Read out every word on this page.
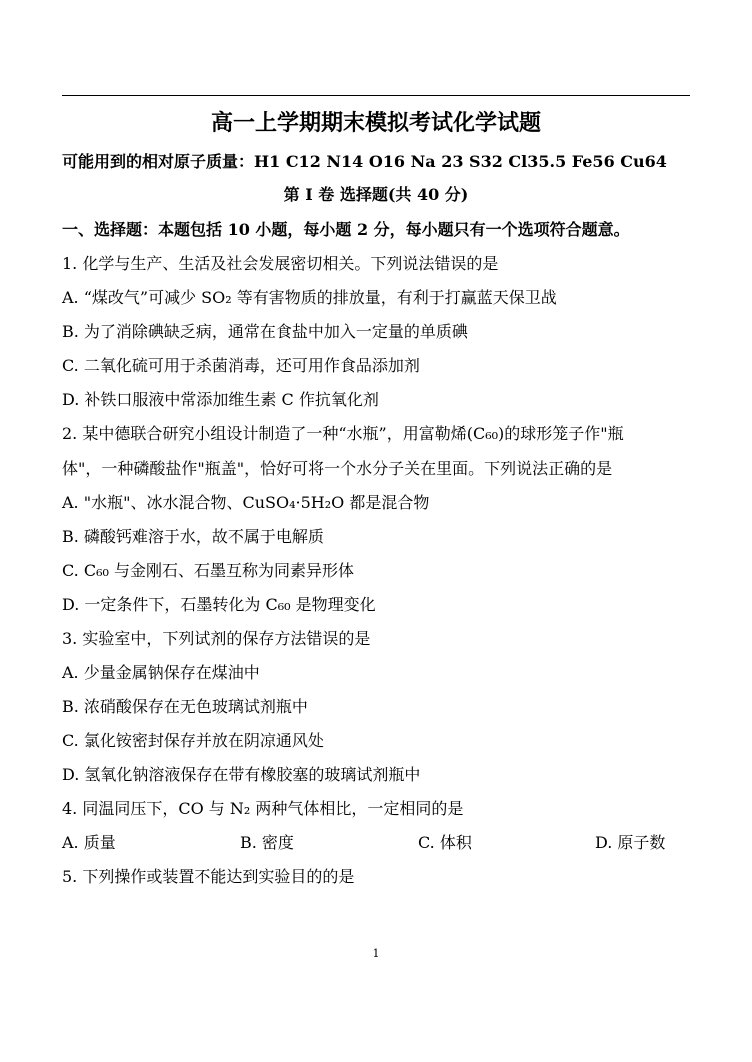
高一上学期期末模拟考试化学试题
可能用到的相对原子质量：H1 C12 N14 O16 Na 23 S32 Cl35.5 Fe56 Cu64
第 I 卷 选择题(共 40 分)
一、选择题：本题包括 10 小题，每小题 2 分，每小题只有一个选项符合题意。
1. 化学与生产、生活及社会发展密切相关。下列说法错误的是
A. “煤改气”可减少 SO₂ 等有害物质的排放量，有利于打赢蓝天保卫战
B. 为了消除碘缺乏病，通常在食盐中加入一定量的单质碘
C. 二氧化硫可用于杀菌消毒，还可用作食品添加剂
D. 补铁口服液中常添加维生素 C 作抗氧化剂
2. 某中德联合研究小组设计制造了一种“水瓶”，用富勒烯(C₆₀)的球形笼子作"瓶
体"，一种磷酸盐作"瓶盖"，恰好可将一个水分子关在里面。下列说法正确的是
A. "水瓶"、冰水混合物、CuSO₄·5H₂O 都是混合物
B. 磷酸钙难溶于水，故不属于电解质
C. C₆₀ 与金刚石、石墨互称为同素异形体
D. 一定条件下，石墨转化为 C₆₀ 是物理变化
3. 实验室中，下列试剂的保存方法错误的是
A. 少量金属钠保存在煤油中
B. 浓硝酸保存在无色玻璃试剂瓶中
C. 氯化铵密封保存并放在阴凉通风处
D. 氢氧化钠溶液保存在带有橡胶塞的玻璃试剂瓶中
4. 同温同压下，CO 与 N₂ 两种气体相比，一定相同的是
A. 质量	B. 密度	C. 体积	D. 原子数
5. 下列操作或装置不能达到实验目的的是
1
